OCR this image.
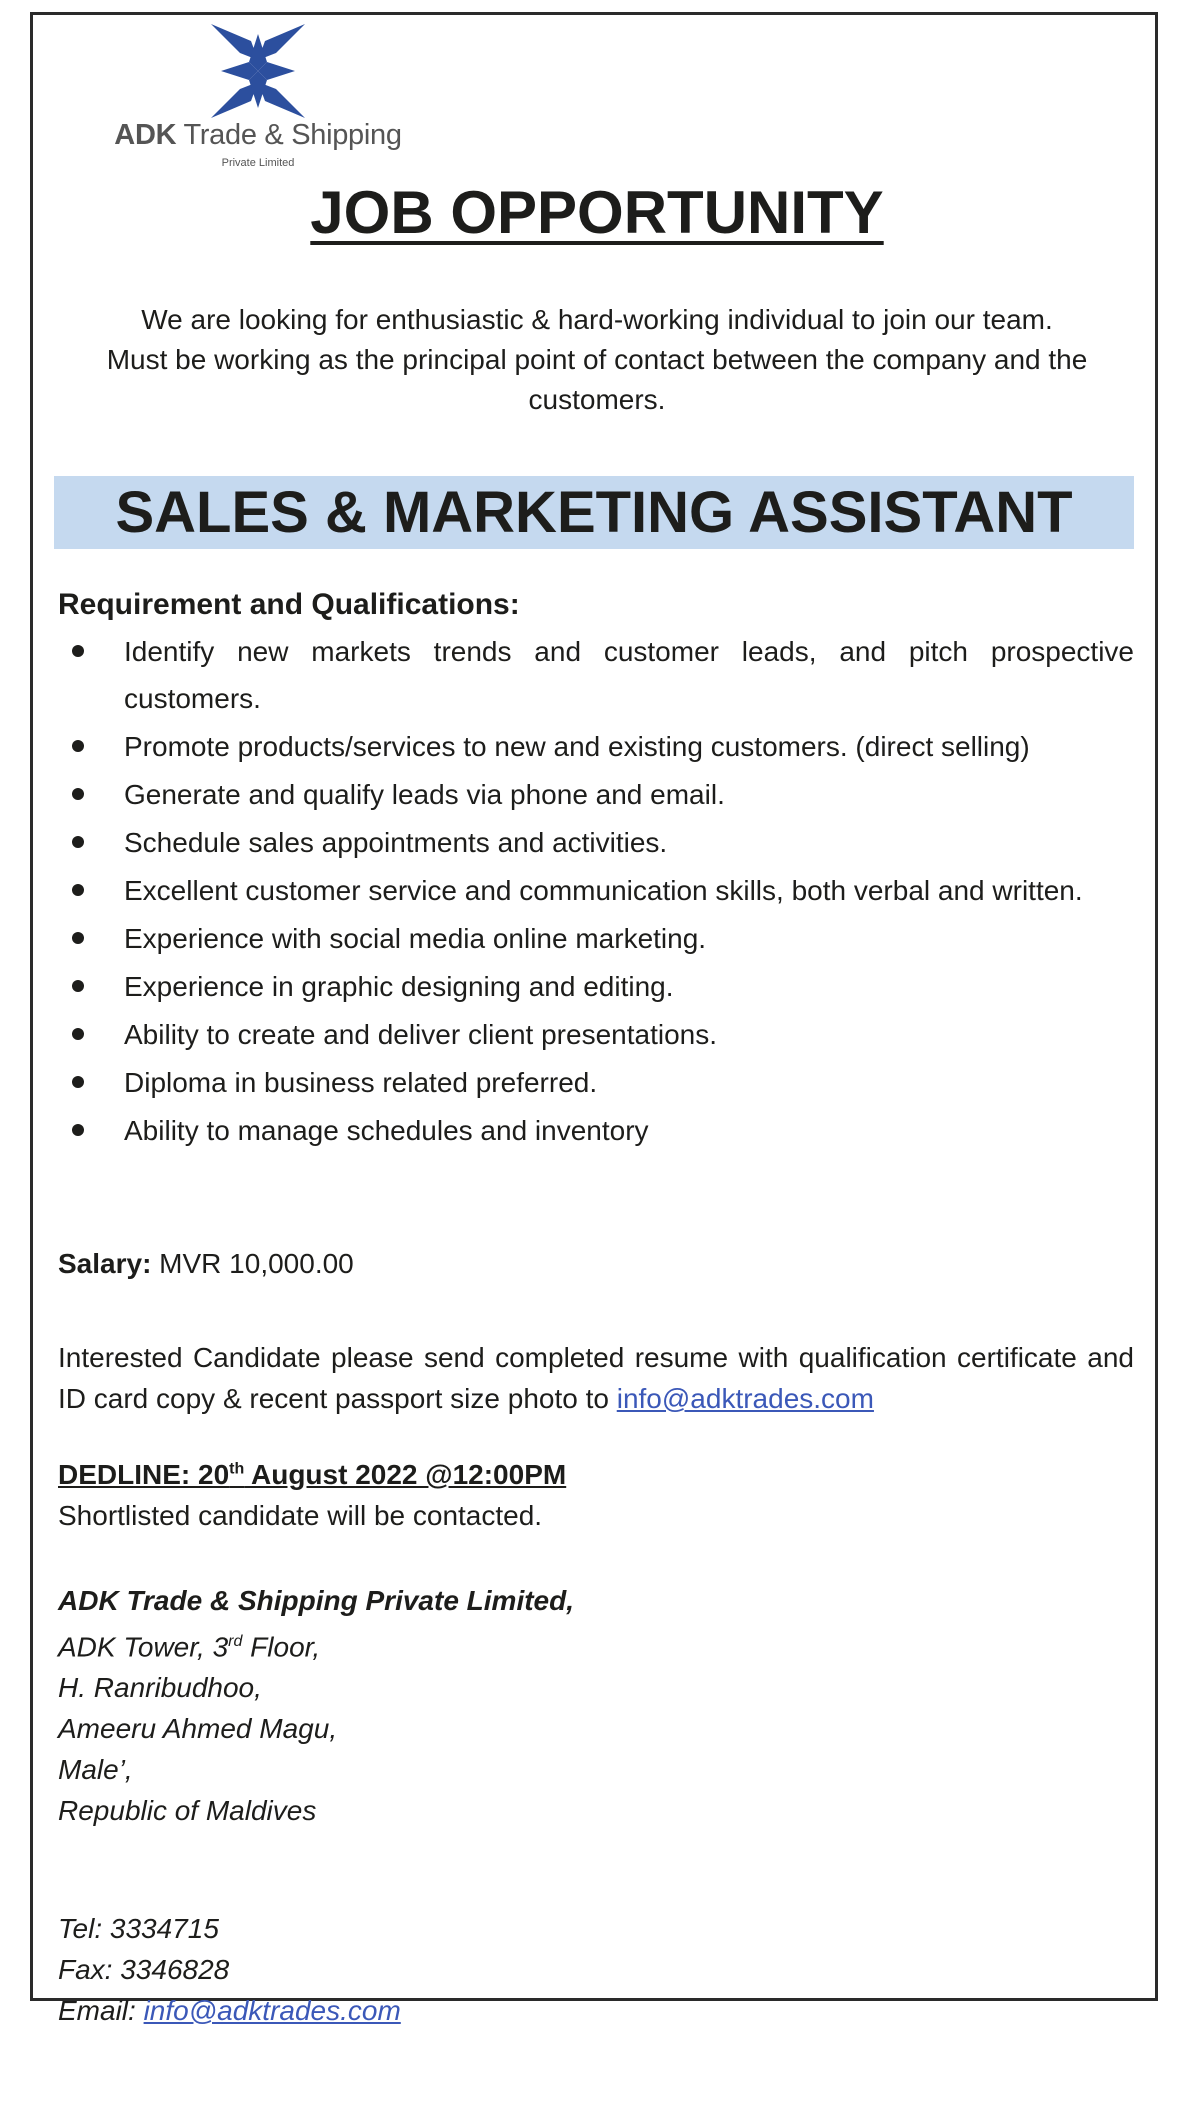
ADK Trade & Shipping
Private Limited
JOB OPPORTUNITY

We are looking for enthusiastic & hard-working individual to join our team.

Must be working as the principal point of contact between the company and the customers.

SALES & MARKETING ASSISTANT
Requirement and Qualifications:
Identify new markets trends and customer leads, and pitch prospective customers.
Promote products/services to new and existing customers. (direct selling)
Generate and qualify leads via phone and email.
Schedule sales appointments and activities.
Excellent customer service and communication skills, both verbal and written.
Experience with social media online marketing.
Experience in graphic designing and editing.
Ability to create and deliver client presentations.
Diploma in business related preferred.
Ability to manage schedules and inventory
Salary: MVR 10,000.00
Interested Candidate please send completed resume with qualification certificate and ID card copy & recent passport size photo to info@adktrades.com
DEDLINE: 20th August 2022 @12:00PM
Shortlisted candidate will be contacted.
ADK Trade & Shipping Private Limited,
ADK Tower, 3rd Floor,
H. Ranribudhoo,
Ameeru Ahmed Magu,
Male’,
Republic of Maldives
Tel: 3334715
Fax: 3346828
Email: info@adktrades.com
